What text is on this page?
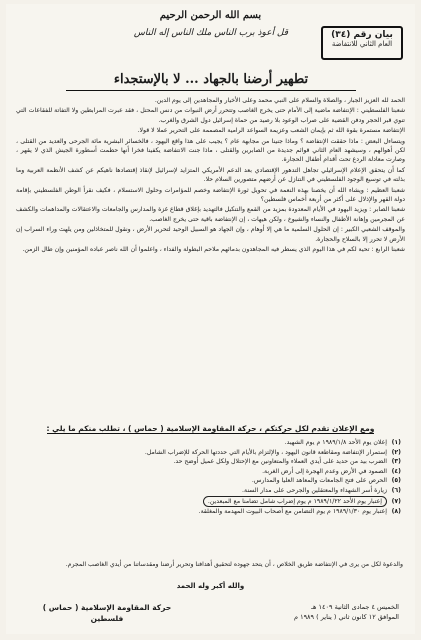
بسم الله الرحمن الرحيم
قل أعوذ برب الناس ملك الناس إله الناس	بيان رقم (٣٤)
العام الثاني للانتفاضة
تطهير أرضنا بالجهاد ... لا بالإستجداء

الحمد لله العزيز الجبار ، والصلاة والسلام على النبي محمد وعلى الأخيار والمجاهدين إلى يوم الدين.

شعبنا الفلسطيني : الإنتفاضة ماضية إلى الأمام حتى يخرج الغاصب وتتحرر أرض النبوات من دنس المحتل ، فقد عبرت المرابطين ولا التفاتة للفقاعات التي تنوي قبر الحجر ودفن القضية على صراب الوعود بلا رصيد من حماة إسرائيل دول الشرق والغرب.

الإنتفاضة مستمرة بقوة الله ثم بإيمان الشعب وعزيمة السواعد الرامية المصممة على التحرير عملا لا قولا.

ويتساءل البعض : ماذا حققت الإنتفاضة ؟ وماذا جنينا من مجابهة عام ؟ يجيب على هذا واقع اليهود ، فالخسائر البشرية مائة الجرحى والعديد من القتلى ، لكن أهوالهم ، وسيشهد العام الثاني قوائم جديدة من الصابرين والقتلى ، ماذا جنت الانتفاضة يكفينا فخرا أنها حطمت أسطورة الجيش الذي لا يقهر ، وصارت معادلة الردع تحت أقدام أطفال الحجارة.

كما أن يتحقق الإعلام الإسرائيلي تجاهل التدهور الإقتصادي بعد الدعم الأمريكي المتزايد لإسرائيل لإنقاذ إقتصادها ناهيكم عن كشف الأنظمة العربية وما بذلته في توسيع الوجود الفلسطيني في التنازل عن أرضهم متصورين السلام حلا.

شعبنا العظيم : ويشاء الله أن يخصنا بهذه النعمة في تحويل ثورة الإنتفاضة وخصم للمؤامرات وحلول الاستسلام ، فكيف نقرأ الوطن الفلسطيني بإقامة دولة القهر والإذلال على أكثر من أربعة أخماس فلسطين؟

شعبنا الصابر : ويزيد اليهود في الأيام المعدودة بمزيد من القمع والتنكيل فالتهديد بإغلاق قطاع غزة والمدارس والجامعات والاعتقالات والمداهمات والكشف عن المجرمين وإهانة الأطفال والنساء والشيوخ ، ولكن هيهات ، إن الإنتفاضة باقية حتى يخرج الغاصب.

والموقف الشعبي الكبير : إن الحلول السلمية ما هي إلا أوهام ، وإن الجهاد هو السبيل الوحيد لتحرير الأرض ، ونقول للمتخاذلين ومن يلهث وراء السراب إن الأرض لا تحرر إلا بالسلاح والحجارة.

شعبنا الرابع : تحية لكم في هذا اليوم الذي يسطر فيه المجاهدون بدمائهم ملاحم البطولة والفداء ، واعلموا أن الله ناصر عباده المؤمنين وإن طال الزمن.

ومع الإعلان تقدم لكل حركتكم ، حركة المقاومة الإسلامية ( حماس ) ، تطلب منكم ما يلي :
(١)إعلان يوم الأحد ١٩٨٩/١/٨ م يوم الشهيد.
(٢)إستمرار الإنتفاضة ومقاطعة قانون اليهود ، والإلتزام بالأيام التي حددتها الحركة للإضراب الشامل.
(٣)الضرب بيد من حديد على أيدي العملاء والمتعاونين مع الإحتلال ولكل عميل أوضح حد.
(٤)الصمود في الأرض وعدم الهجرة إلى أرض الغربة.
(٥)الحرص على فتح الجامعات والمعاهد العليا والمدارس.
(٦)زيارة أسر الشهداء والمعتقلين والجرحى على مدار السنة.
(٧)إعتبار يوم الأحد ١٩٨٩/١/٢٢ م يوم إضراب شامل تضامنا مع المبعدين.
(٨)إعتبار يوم ١٩٨٩/١/٣٠ م يوم التضامن مع أصحاب البيوت المهدمة والمغلقة.
والدعوة لكل من يرى في الإنتفاضة طريق الخلاص ، أن يتحد جهوده لتحقيق أهدافنا وتحرير أرضنا ومقدساتنا من أيدي الغاصب المجرم.
والله أكبر وله الحمد
الخميس ٤ جمادى الثانية ١٤٠٩ هـ
الموافق ١٢ كانون ثاني ( يناير ) ١٩٨٩ م
حركة المقاومة الإسلامية ( حماس )
فلسطين
